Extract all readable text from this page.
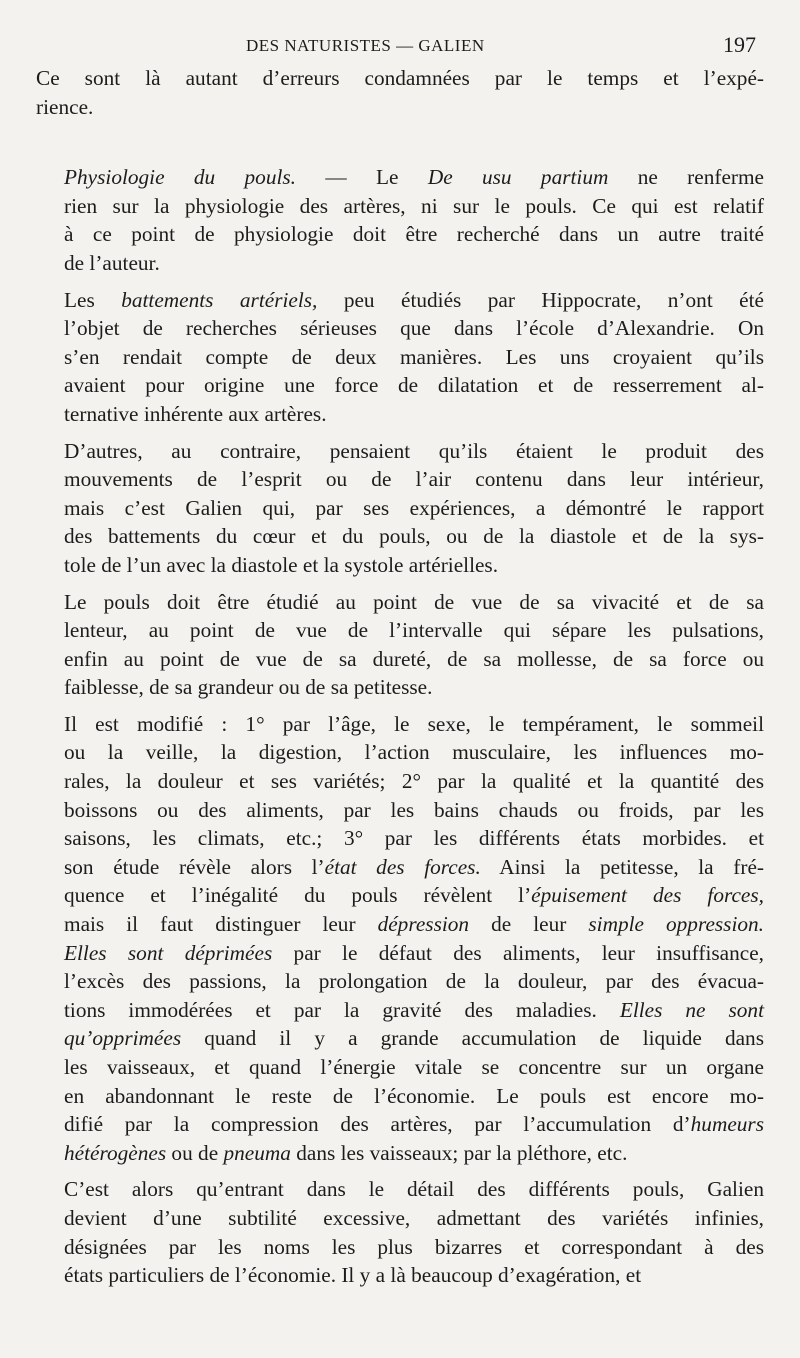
DES NATURISTES — GALIEN	197

Ce sont là autant d’erreurs condamnées par le temps et l’expé-
rience.

Physiologie du pouls. — Le De usu partium ne renferme
rien sur la physiologie des artères, ni sur le pouls. Ce qui est relatif
à ce point de physiologie doit être recherché dans un autre traité
de l’auteur.

Les battements artériels, peu étudiés par Hippocrate, n’ont été
l’objet de recherches sérieuses que dans l’école d’Alexandrie. On
s’en rendait compte de deux manières. Les uns croyaient qu’ils
avaient pour origine une force de dilatation et de resserrement al-
ternative inhérente aux artères.

D’autres, au contraire, pensaient qu’ils étaient le produit des
mouvements de l’esprit ou de l’air contenu dans leur intérieur,
mais c’est Galien qui, par ses expériences, a démontré le rapport
des battements du cœur et du pouls, ou de la diastole et de la sys-
tole de l’un avec la diastole et la systole artérielles.

Le pouls doit être étudié au point de vue de sa vivacité et de sa
lenteur, au point de vue de l’intervalle qui sépare les pulsations,
enfin au point de vue de sa dureté, de sa mollesse, de sa force ou
faiblesse, de sa grandeur ou de sa petitesse.

Il est modifié : 1° par l’âge, le sexe, le tempérament, le sommeil
ou la veille, la digestion, l’action musculaire, les influences mo-
rales, la douleur et ses variétés; 2° par la qualité et la quantité des
boissons ou des aliments, par les bains chauds ou froids, par les
saisons, les climats, etc.; 3° par les différents états morbides. et
son étude révèle alors l’état des forces. Ainsi la petitesse, la fré-
quence et l’inégalité du pouls révèlent l’épuisement des forces,
mais il faut distinguer leur dépression de leur simple oppression.
Elles sont déprimées par le défaut des aliments, leur insuffisance,
l’excès des passions, la prolongation de la douleur, par des évacua-
tions immodérées et par la gravité des maladies. Elles ne sont
qu’opprimées quand il y a grande accumulation de liquide dans
les vaisseaux, et quand l’énergie vitale se concentre sur un organe
en abandonnant le reste de l’économie. Le pouls est encore mo-
difié par la compression des artères, par l’accumulation d’humeurs
hétérogènes ou de pneuma dans les vaisseaux; par la pléthore, etc.

C’est alors qu’entrant dans le détail des différents pouls, Galien
devient d’une subtilité excessive, admettant des variétés infinies,
désignées par les noms les plus bizarres et correspondant à des
états particuliers de l’économie. Il y a là beaucoup d’exagération, et
